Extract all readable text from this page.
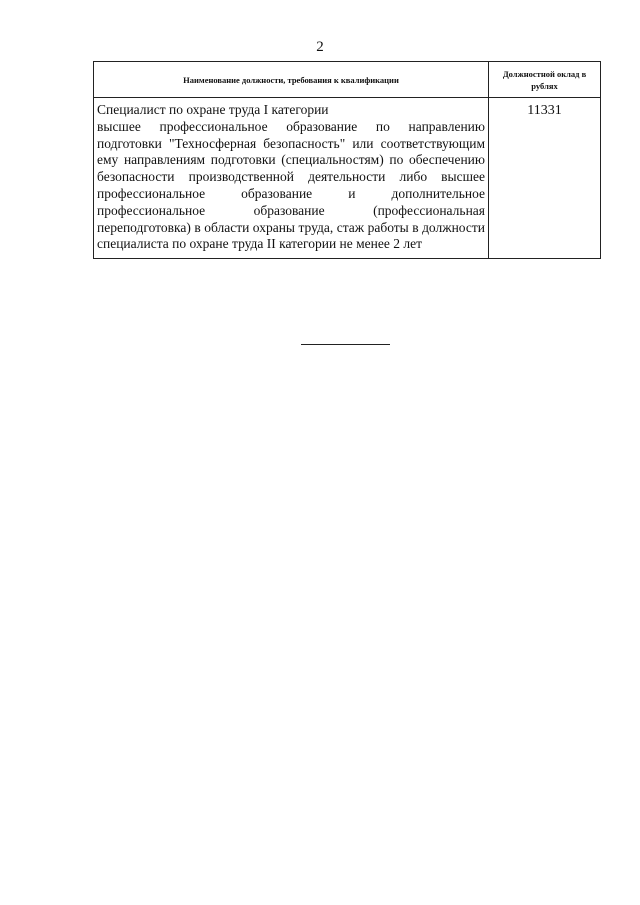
2
Наименование должности, требования к квалификации	Должностной оклад в рублях

Специалист по охране труда I категории
высшее профессиональное образование по направлению подготовки "Техносферная безопасность" или соответствующим ему направлениям подготовки (специальностям) по обеспечению безопасности производственной деятельности либо высшее профессиональное образование и дополнительное профессиональное образование (профессиональная переподготовка) в области охраны труда, стаж работы в должности специалиста по охране труда II категории не менее 2 лет	11331
